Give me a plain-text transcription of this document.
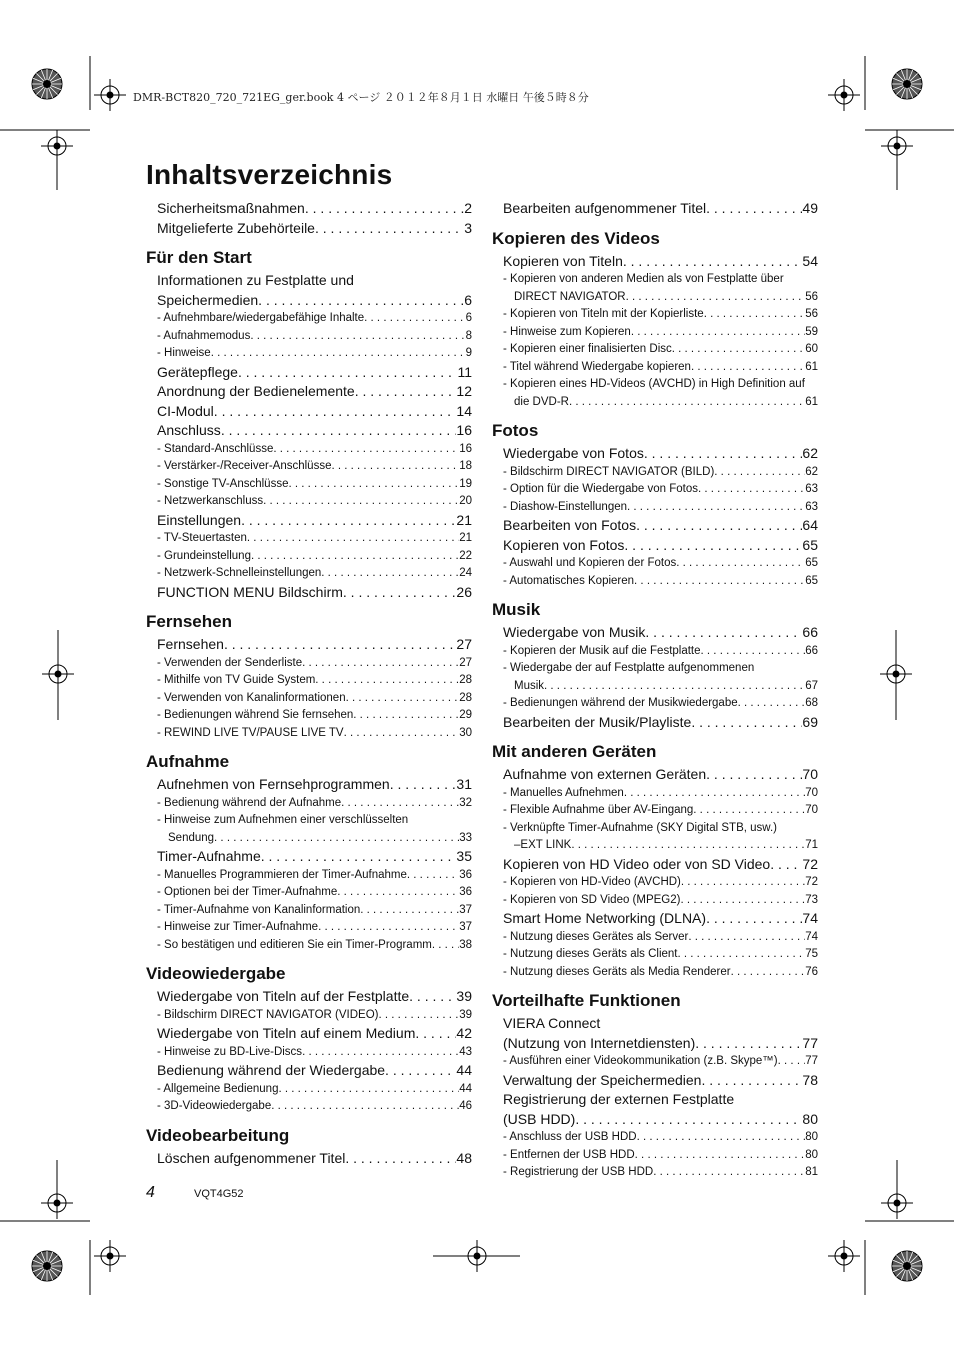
DMR-BCT820_720_721EG_ger.book 4 ページ ２０１２年８月１日 水曜日 午後５時８分
Inhaltsverzeichnis
Sicherheitsmaßnahmen . . .	2
Mitgelieferte Zubehörteile . . .	3
Für den Start
Informationen zu Festplatte und
Speichermedien . . .	6
- Aufnehmbare/wiedergabefähige Inhalte . . .	6
- Aufnahmemodus . . .	8
- Hinweise . . .	9
Gerätepflege . . .	11
Anordnung der Bedienelemente . . .	12
CI-Modul . . .	14
Anschluss . . .	16
- Standard-Anschlüsse . . .	16
- Verstärker-/Receiver-Anschlüsse . . .	18
- Sonstige TV-Anschlüsse . . .	19
- Netzwerkanschluss . . .	20
Einstellungen . . .	21
- TV-Steuertasten . . .	21
- Grundeinstellung . . .	22
- Netzwerk-Schnelleinstellungen . . .	24
FUNCTION MENU Bildschirm . . .	26
Fernsehen
Fernsehen . . .	27
- Verwenden der Senderliste . . .	27
- Mithilfe von TV Guide System . . .	28
- Verwenden von Kanalinformationen . . .	28
- Bedienungen während Sie fernsehen . . .	29
- REWIND LIVE TV/PAUSE LIVE TV . . .	30
Aufnahme
Aufnehmen von Fernsehprogrammen . . .	31
- Bedienung während der Aufnahme . . .	32
- Hinweise zum Aufnehmen einer verschlüsselten
Sendung . . .	33
Timer-Aufnahme . . .	35
- Manuelles Programmieren der Timer-Aufnahme . . .	36
- Optionen bei der Timer-Aufnahme . . .	36
- Timer-Aufnahme von Kanalinformation . . .	37
- Hinweise zur Timer-Aufnahme . . .	37
- So bestätigen und editieren Sie ein Timer-Programm . . . 38
Videowiedergabe
Wiedergabe von Titeln auf der Festplatte . . .	39
- Bildschirm DIRECT NAVIGATOR (VIDEO) . . .	39
Wiedergabe von Titeln auf einem Medium . . .	42
- Hinweise zu BD-Live-Discs . . .	43
Bedienung während der Wiedergabe . . .	44
- Allgemeine Bedienung . . .	44
- 3D-Videowiedergabe . . .	46
Videobearbeitung
Löschen aufgenommener Titel . . .	48
Bearbeiten aufgenommener Titel . . .	49
Kopieren des Videos
Kopieren von Titeln . . .	54
- Kopieren von anderen Medien als von Festplatte über
DIRECT NAVIGATOR . . .	56
- Kopieren von Titeln mit der Kopierliste . . .	56
- Hinweise zum Kopieren . . .	59
- Kopieren einer finalisierten Disc . . .	60
- Titel während Wiedergabe kopieren . . .	61
- Kopieren eines HD-Videos (AVCHD) in High Definition auf
die DVD-R . . .	61
Fotos
Wiedergabe von Fotos . . .	62
- Bildschirm DIRECT NAVIGATOR (BILD) . . .	62
- Option für die Wiedergabe von Fotos . . .	63
- Diashow-Einstellungen . . .	63
Bearbeiten von Fotos . . .	64
Kopieren von Fotos . . .	65
- Auswahl und Kopieren der Fotos . . .	65
- Automatisches Kopieren . . .	65
Musik
Wiedergabe von Musik . . .	66
- Kopieren der Musik auf die Festplatte . . .	66
- Wiedergabe der auf Festplatte aufgenommenen
Musik . . .	67
- Bedienungen während der Musikwiedergabe . . .	68
Bearbeiten der Musik/Playliste . . .	69
Mit anderen Geräten
Aufnahme von externen Geräten . . .	70
- Manuelles Aufnehmen . . .	70
- Flexible Aufnahme über AV-Eingang . . .	70
- Verknüpfte Timer-Aufnahme (SKY Digital STB, usw.)
–EXT LINK . . .	71
Kopieren von HD Video oder von SD Video . . . 72
- Kopieren von HD-Video (AVCHD) . . .	72
- Kopieren von SD Video (MPEG2) . . .	73
Smart Home Networking (DLNA) . . .	74
- Nutzung dieses Gerätes als Server . . .	74
- Nutzung dieses Geräts als Client . . .	75
- Nutzung dieses Geräts als Media Renderer . . .	76
Vorteilhafte Funktionen
VIERA Connect
(Nutzung von Internetdiensten) . . .	77
- Ausführen einer Videokommunikation (z.B. Skype™) . . . 77
Verwaltung der Speichermedien . . .	78
Registrierung der externen Festplatte
(USB HDD) . . .	80
- Anschluss der USB HDD . . .	80
- Entfernen der USB HDD . . .	80
- Registrierung der USB HDD . . .	81
4	VQT4G52
